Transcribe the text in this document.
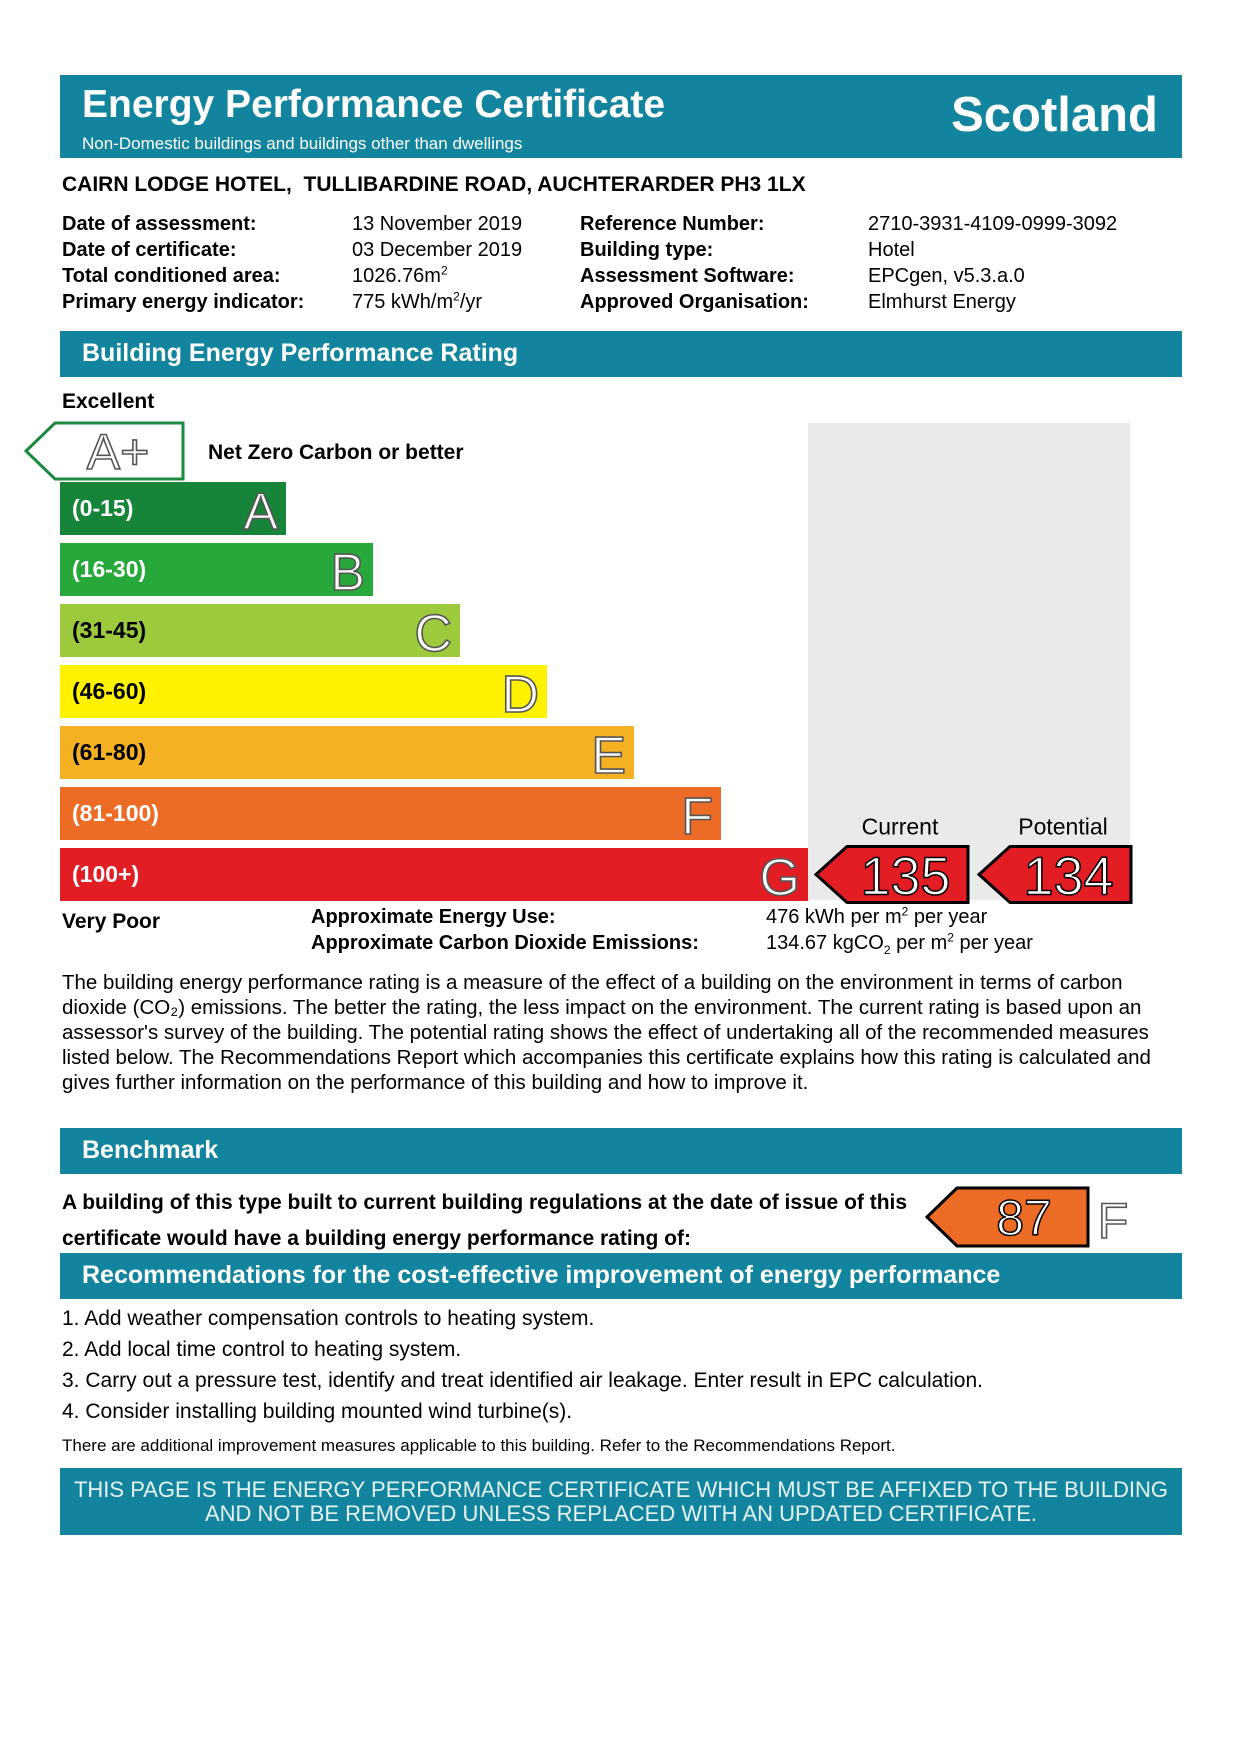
Energy Performance Certificate
Non-Domestic buildings and buildings other than dwellings
Scotland
CAIRN LODGE HOTEL,  TULLIBARDINE ROAD, AUCHTERARDER PH3 1LX
Date of assessment:	13 November 2019
Date of certificate:	03 December 2019
Total conditioned area:	$1026.76m^2$
Primary energy indicator: 775 kWh/$m^2/yr$
Reference Number:	2710-3931-4109-0999-3092
Building type:	Hotel
Assessment Software:	EPCgen, v5.3.a.0
Approved Organisation:	Elmhurst Energy
Building Energy Performance Rating
Excellent
A+	Net Zero Carbon or better
(0-15) A
(16-30)	B
(31-45)	C
(46-60)	D
(61-80)	E
(81-100)	F
(100+)	G 135
Current
134
Potential
Very Poor	Approximate Energy Use:	476 kWh per $m^2$ per year
Approximate Carbon Dioxide Emissions:	134.67 kgCO$_2$ per $m^2$ per year
The building energy performance rating is a measure of the effect of a building on the environment in terms of carbon dioxide (CO₂) emissions. The better the rating, the less impact on the environment. The current rating is based upon an assessor's survey of the building. The potential rating shows the effect of undertaking all of the recommended measures listed below. The Recommendations Report which accompanies this certificate explains how this rating is calculated and gives further information on the performance of this building and how to improve it.
Benchmark
A building of this type built to current building regulations at the date of issue of this certificate would have a building energy performance rating of:	87 F
Recommendations for the cost-effective improvement of energy performance
1. Add weather compensation controls to heating system.
2. Add local time control to heating system.
3. Carry out a pressure test, identify and treat identified air leakage. Enter result in EPC calculation.
4. Consider installing building mounted wind turbine(s).
There are additional improvement measures applicable to this building. Refer to the Recommendations Report.
THIS PAGE IS THE ENERGY PERFORMANCE CERTIFICATE WHICH MUST BE AFFIXED TO THE BUILDING AND NOT BE REMOVED UNLESS REPLACED WITH AN UPDATED CERTIFICATE.
